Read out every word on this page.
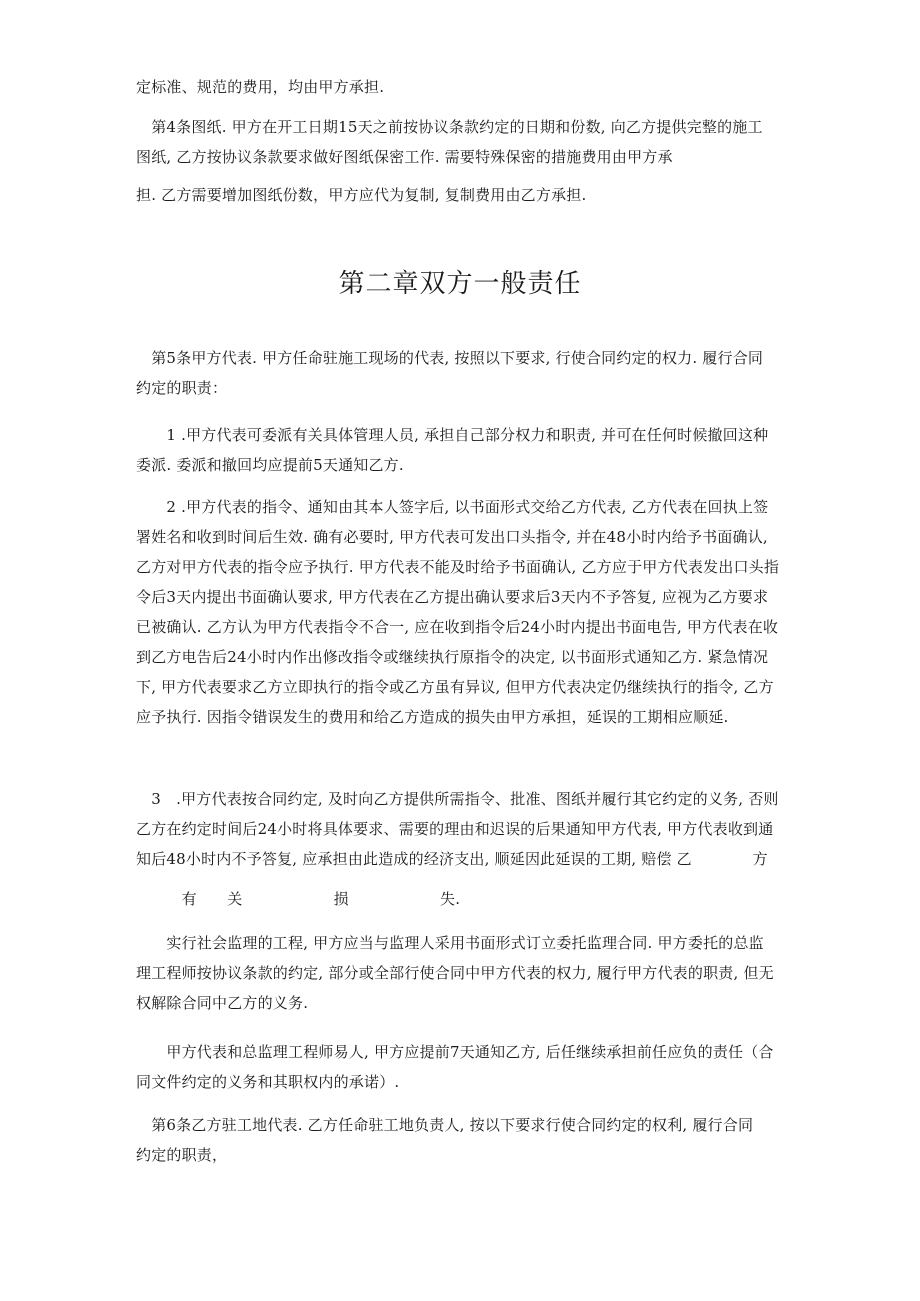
定标准、规范的费用，均由甲方承担.
　第4条图纸. 甲方在开工日期15天之前按协议条款约定的日期和份数, 向乙方提供完整的施工
图纸, 乙方按协议条款要求做好图纸保密工作. 需要特殊保密的措施费用由甲方承
担. 乙方需要增加图纸份数，甲方应代为复制, 复制费用由乙方承担.
第二章双方一般责任
　第5条甲方代表. 甲方任命驻施工现场的代表, 按照以下要求, 行使合同约定的权力. 履行合同
约定的职责：
　　1 .甲方代表可委派有关具体管理人员, 承担自己部分权力和职责, 并可在任何时候撤回这种
委派. 委派和撤回均应提前5天通知乙方.
　　2 .甲方代表的指令、通知由其本人签字后, 以书面形式交给乙方代表, 乙方代表在回执上签
署姓名和收到时间后生效. 确有必要时, 甲方代表可发出口头指令, 并在48小时内给予书面确认,
乙方对甲方代表的指令应予执行. 甲方代表不能及时给予书面确认, 乙方应于甲方代表发出口头指
令后3天内提出书面确认要求, 甲方代表在乙方提出确认要求后3天内不予答复, 应视为乙方要求
已被确认. 乙方认为甲方代表指令不合一, 应在收到指令后24小时内提出书面电告, 甲方代表在收
到乙方电告后24小时内作出修改指令或继续执行原指令的决定, 以书面形式通知乙方. 紧急情况
下, 甲方代表要求乙方立即执行的指令或乙方虽有异议, 但甲方代表决定仍继续执行的指令, 乙方
应予执行. 因指令错误发生的费用和给乙方造成的损失由甲方承担，延误的工期相应顺延.
　3　.甲方代表按合同约定, 及时向乙方提供所需指令、批准、图纸并履行其它约定的义务, 否则
乙方在约定时间后24小时将具体要求、需要的理由和迟误的后果通知甲方代表, 甲方代表收到通
知后48小时内不予答复, 应承担由此造成的经济支出, 顺延因此延误的工期, 赔偿 乙　　　　方
　　　有　　关　　　　　　损　　　　　　失.
　　实行社会监理的工程, 甲方应当与监理人采用书面形式订立委托监理合同. 甲方委托的总监
理工程师按协议条款的约定, 部分或全部行使合同中甲方代表的权力, 履行甲方代表的职责, 但无
权解除合同中乙方的义务.
　　甲方代表和总监理工程师易人, 甲方应提前7天通知乙方, 后任继续承担前任应负的责任（合
同文件约定的义务和其职权内的承诺）.
　第6条乙方驻工地代表. 乙方任命驻工地负责人, 按以下要求行使合同约定的权利, 履行合同
约定的职责，
